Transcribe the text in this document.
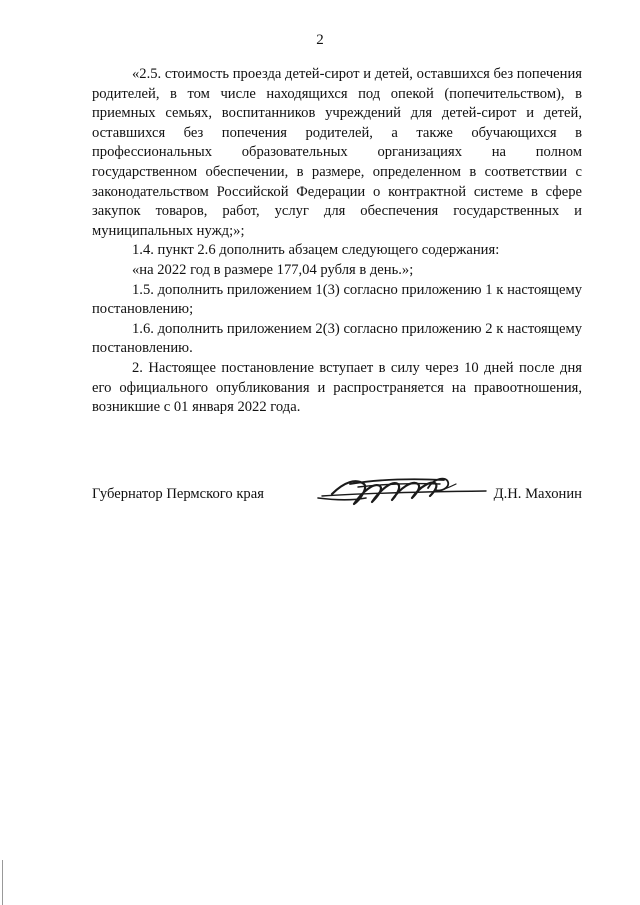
2

«2.5. стоимость проезда детей-сирот и детей, оставшихся без попечения родителей, в том числе находящихся под опекой (попечительством), в приемных семьях, воспитанников учреждений для детей-сирот и детей, оставшихся без попечения родителей, а также обучающихся в профессиональных образовательных организациях на полном государственном обеспечении, в размере, определенном в соответствии с законодательством Российской Федерации о контрактной системе в сфере закупок товаров, работ, услуг для обеспечения государственных и муниципальных нужд;»;

1.4. пункт 2.6 дополнить абзацем следующего содержания:

«на 2022 год в размере 177,04 рубля в день.»;

1.5. дополнить приложением 1(3) согласно приложению 1 к настоящему постановлению;

1.6. дополнить приложением 2(3) согласно приложению 2 к настоящему постановлению.

2. Настоящее постановление вступает в силу через 10 дней после дня его официального опубликования и распространяется на правоотношения, возникшие с 01 января 2022 года.

Губернатор Пермского края	Д.Н. Махонин
